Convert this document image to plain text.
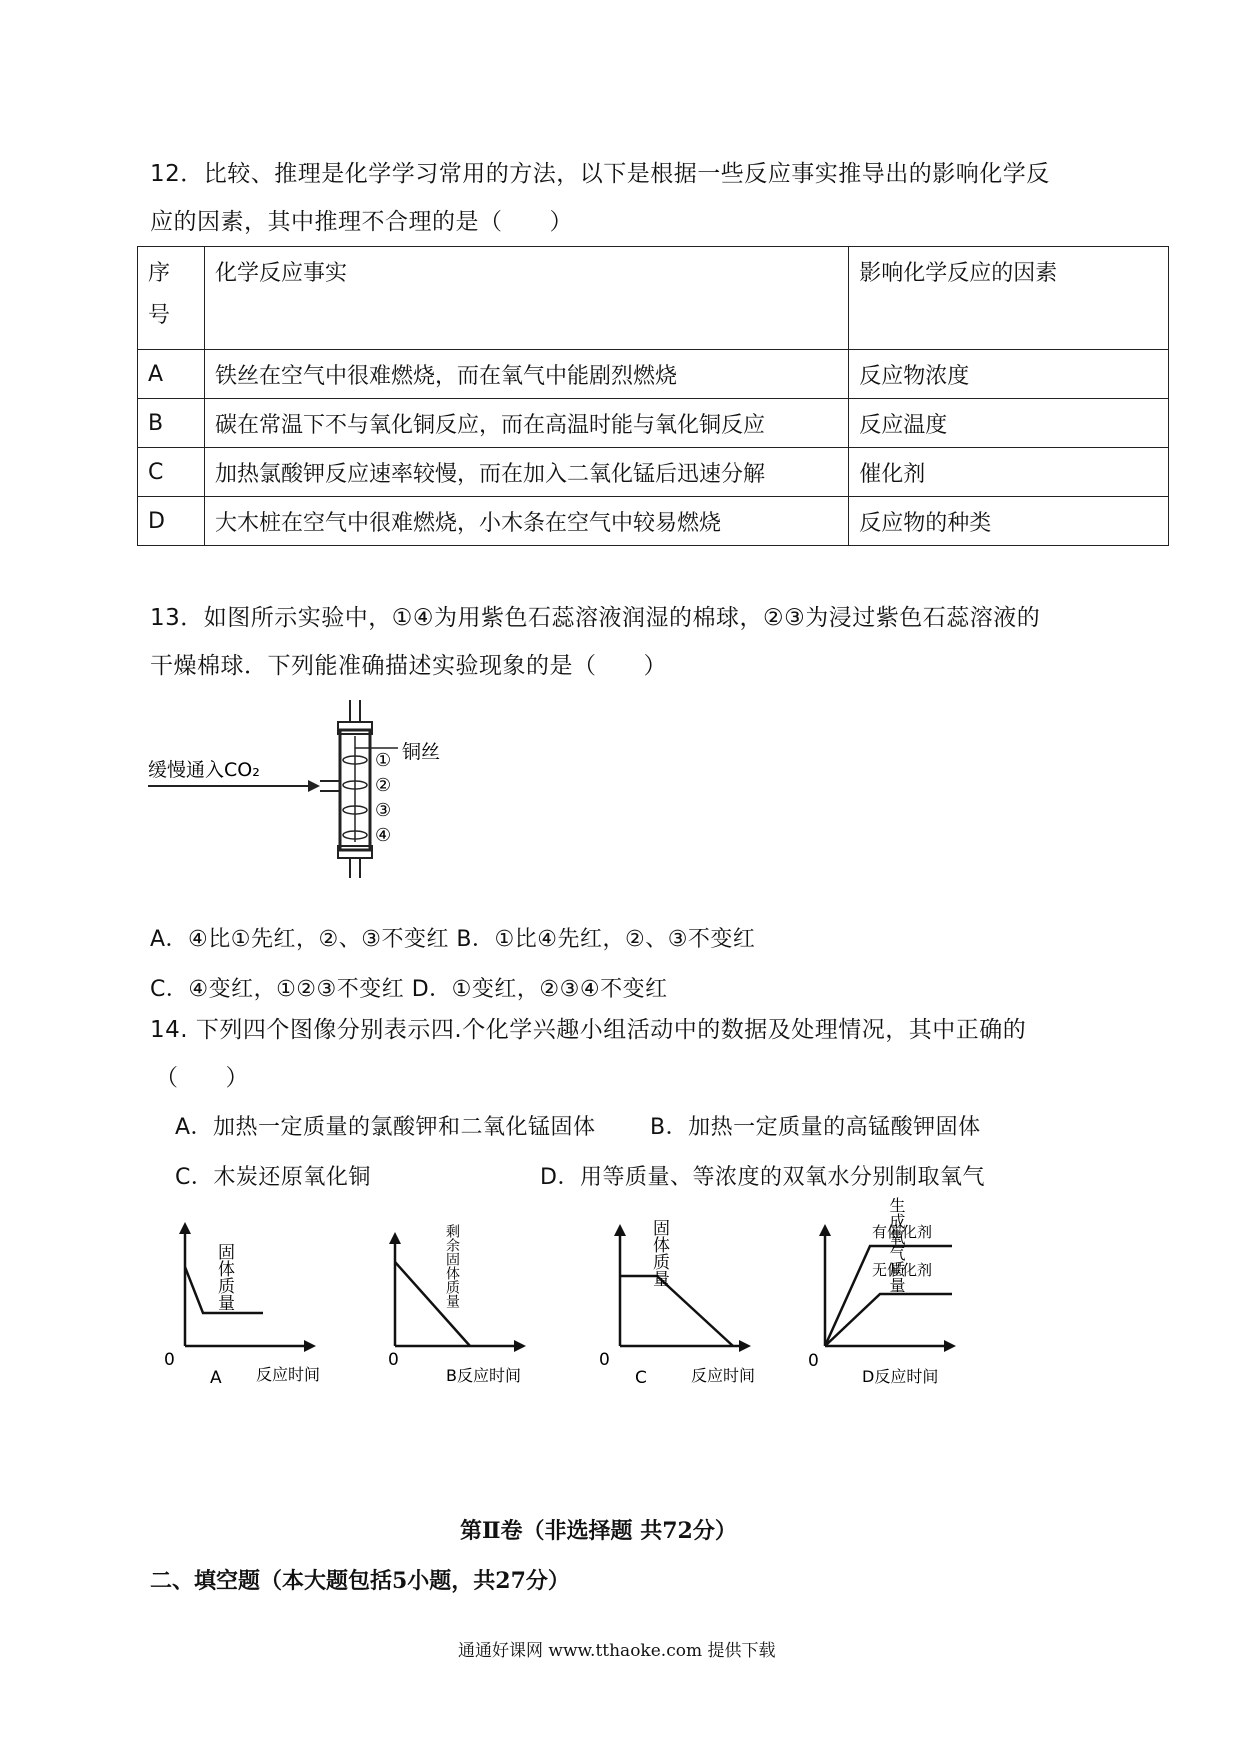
12．比较、推理是化学学习常用的方法，以下是根据一些反应事实推导出的影响化学反
应的因素，其中推理不合理的是（　　）
序
号	化学反应事实	影响化学反应的因素
A	铁丝在空气中很难燃烧，而在氧气中能剧烈燃烧	反应物浓度
B	碳在常温下不与氧化铜反应，而在高温时能与氧化铜反应	反应温度
C	加热氯酸钾反应速率较慢，而在加入二氧化锰后迅速分解	催化剂
D	大木桩在空气中很难燃烧，小木条在空气中较易燃烧	反应物的种类
13．如图所示实验中，①④为用紫色石蕊溶液润湿的棉球，②③为浸过紫色石蕊溶液的
干燥棉球．下列能准确描述实验现象的是（　　）
缓慢通入CO₂
铜丝
①
②
③
④
A．④比①先红，②、③不变红 B．①比④先红，②、③不变红
C．④变红，①②③不变红 D．①变红，②③④不变红
14. 下列四个图像分别表示四.个化学兴趣小组活动中的数据及处理情况，其中正确的
（　　）
A．加热一定质量的氯酸钾和二氧化锰固体 B．加热一定质量的高锰酸钾固体
C．木炭还原氧化铜	D．用等质量、等浓度的双氧水分别制取氧气
固体质量
0
A 反应时间
剩余固体质量
0
B反应时间
固体质量
0
C	反应时间
生成氧气质量
有催化剂
无催化剂
0
D反应时间
第Ⅱ卷（非选择题 共72分）
二、填空题（本大题包括5小题，共27分）
通通好课网 www.tthaoke.com 提供下载
